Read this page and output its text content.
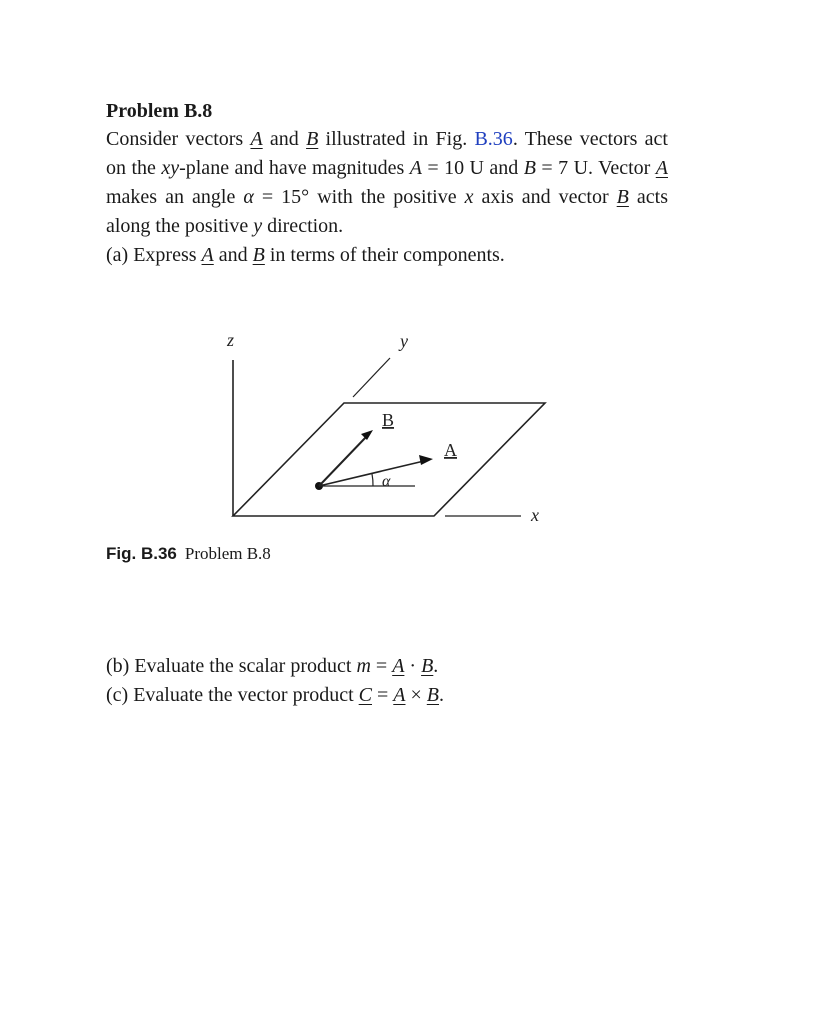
Problem B.8

Consider vectors A and B illustrated in Fig. B.36. These vectors act on the xy-plane and have magnitudes A = 10 U and B = 7 U. Vector A makes an angle α = 15° with the positive x axis and vector B acts along the positive y direction.

(a) Express A and B in terms of their components.
z	y
x
B
A
α
Fig. B.36 Problem B.8
(b) Evaluate the scalar product m = A · B.
(c) Evaluate the vector product C = A × B.
